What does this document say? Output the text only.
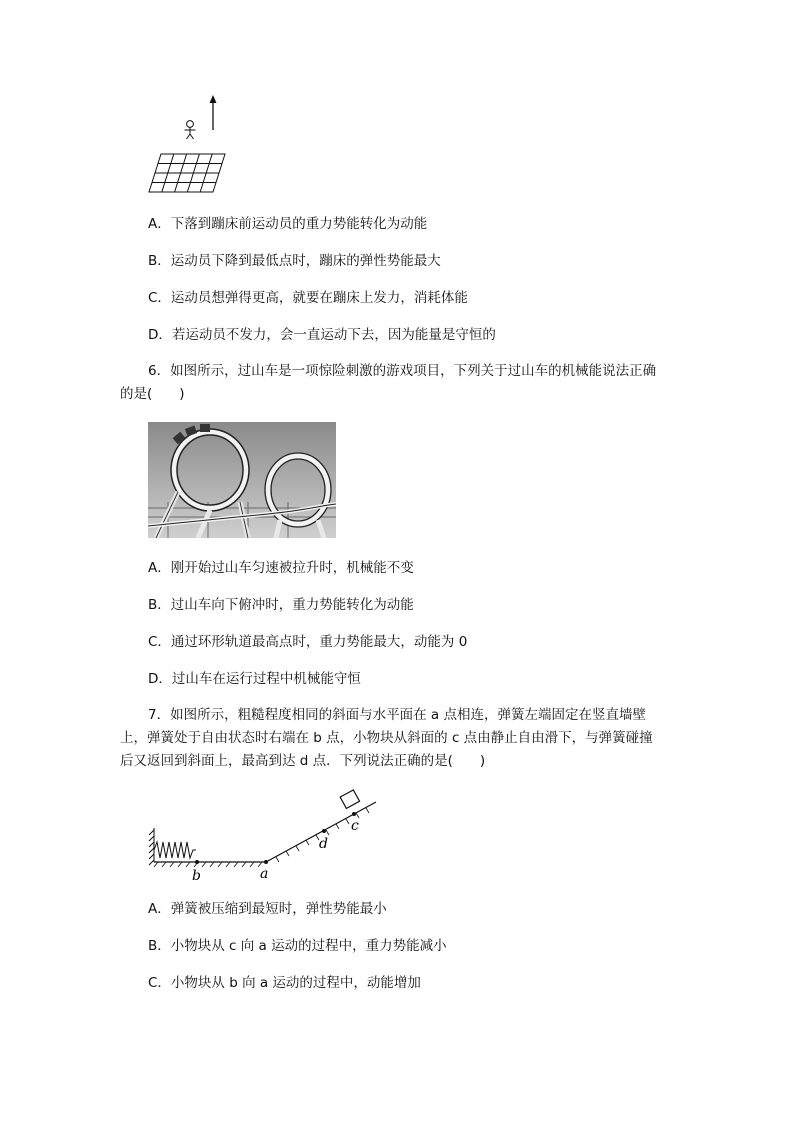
A．下落到蹦床前运动员的重力势能转化为动能
B．运动员下降到最低点时，蹦床的弹性势能最大
C．运动员想弹得更高，就要在蹦床上发力，消耗体能
D．若运动员不发力，会一直运动下去，因为能量是守恒的
6．如图所示，过山车是一项惊险刺激的游戏项目，下列关于过山车的机械能说法正确的是(　　)
A．刚开始过山车匀速被拉升时，机械能不变
B．过山车向下俯冲时，重力势能转化为动能
C．通过环形轨道最高点时，重力势能最大，动能为 0
D．过山车在运行过程中机械能守恒
7．如图所示，粗糙程度相同的斜面与水平面在 a 点相连，弹簧左端固定在竖直墙壁上，弹簧处于自由状态时右端在 b 点，小物块从斜面的 c 点由静止自由滑下，与弹簧碰撞后又返回到斜面上，最高到达 d 点．下列说法正确的是(　　)
b	a
d
c
A．弹簧被压缩到最短时，弹性势能最小
B．小物块从 c 向 a 运动的过程中，重力势能减小
C．小物块从 b 向 a 运动的过程中，动能增加
